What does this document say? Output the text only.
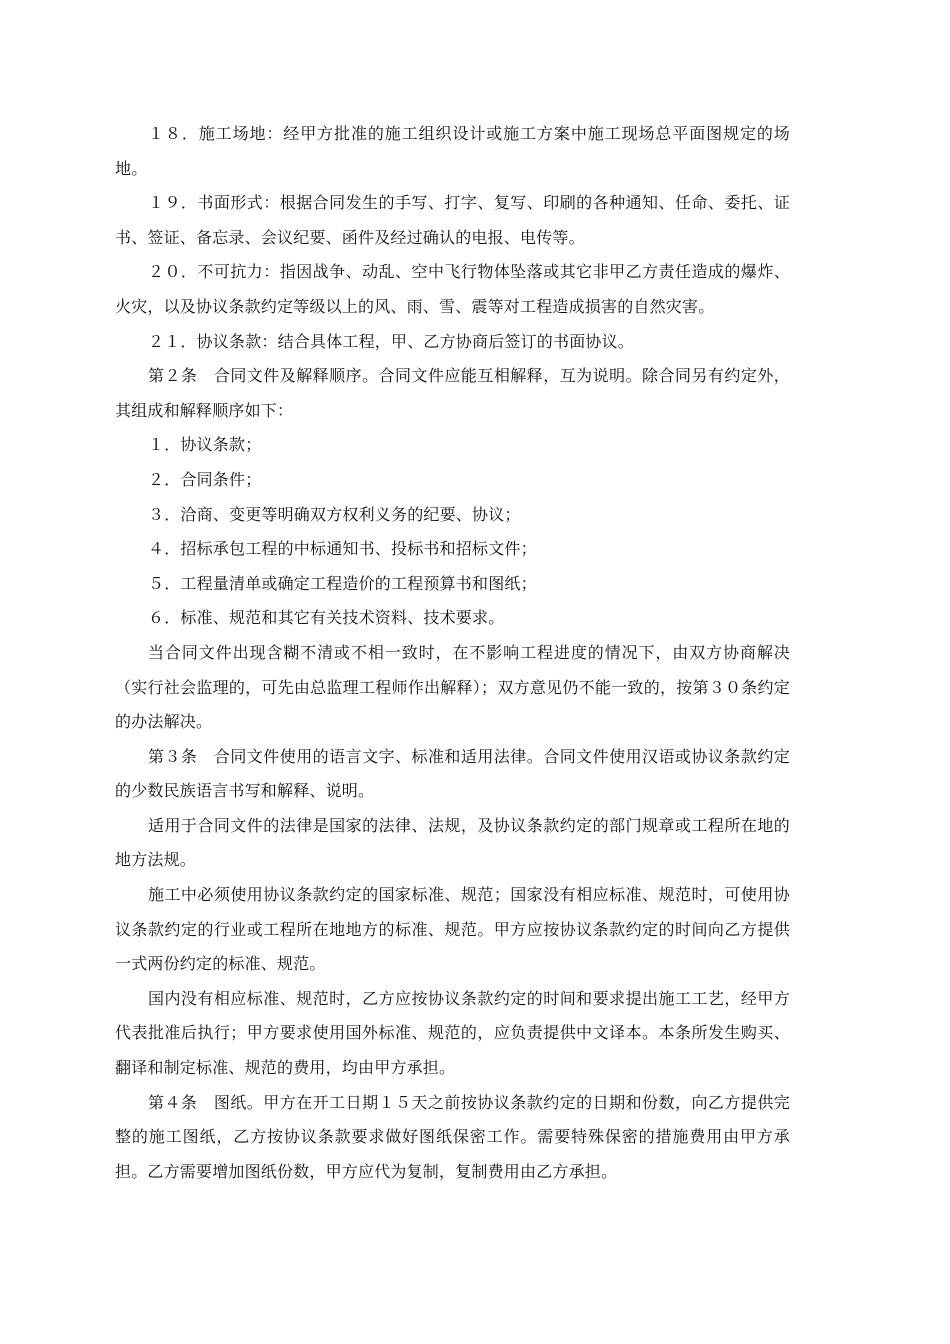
１８．施工场地：经甲方批准的施工组织设计或施工方案中施工现场总平面图规定的场地。

１９．书面形式：根据合同发生的手写、打字、复写、印刷的各种通知、任命、委托、证书、签证、备忘录、会议纪要、函件及经过确认的电报、电传等。

２０．不可抗力：指因战争、动乱、空中飞行物体坠落或其它非甲乙方责任造成的爆炸、火灾，以及协议条款约定等级以上的风、雨、雪、震等对工程造成损害的自然灾害。

２１．协议条款：结合具体工程，甲、乙方协商后签订的书面协议。

第２条　合同文件及解释顺序。合同文件应能互相解释，互为说明。除合同另有约定外，其组成和解释顺序如下：

１．协议条款；

２．合同条件；

３．洽商、变更等明确双方权利义务的纪要、协议；

４．招标承包工程的中标通知书、投标书和招标文件；

５．工程量清单或确定工程造价的工程预算书和图纸；

６．标准、规范和其它有关技术资料、技术要求。

当合同文件出现含糊不清或不相一致时，在不影响工程进度的情况下，由双方协商解决（实行社会监理的，可先由总监理工程师作出解释）；双方意见仍不能一致的，按第３０条约定的办法解决。

第３条　合同文件使用的语言文字、标准和适用法律。合同文件使用汉语或协议条款约定的少数民族语言书写和解释、说明。

适用于合同文件的法律是国家的法律、法规，及协议条款约定的部门规章或工程所在地的地方法规。

施工中必须使用协议条款约定的国家标准、规范；国家没有相应标准、规范时，可使用协议条款约定的行业或工程所在地地方的标准、规范。甲方应按协议条款约定的时间向乙方提供一式两份约定的标准、规范。

国内没有相应标准、规范时，乙方应按协议条款约定的时间和要求提出施工工艺，经甲方代表批准后执行；甲方要求使用国外标准、规范的，应负责提供中文译本。本条所发生购买、翻译和制定标准、规范的费用，均由甲方承担。

第４条　图纸。甲方在开工日期１５天之前按协议条款约定的日期和份数，向乙方提供完整的施工图纸，乙方按协议条款要求做好图纸保密工作。需要特殊保密的措施费用由甲方承担。乙方需要增加图纸份数，甲方应代为复制，复制费用由乙方承担。
